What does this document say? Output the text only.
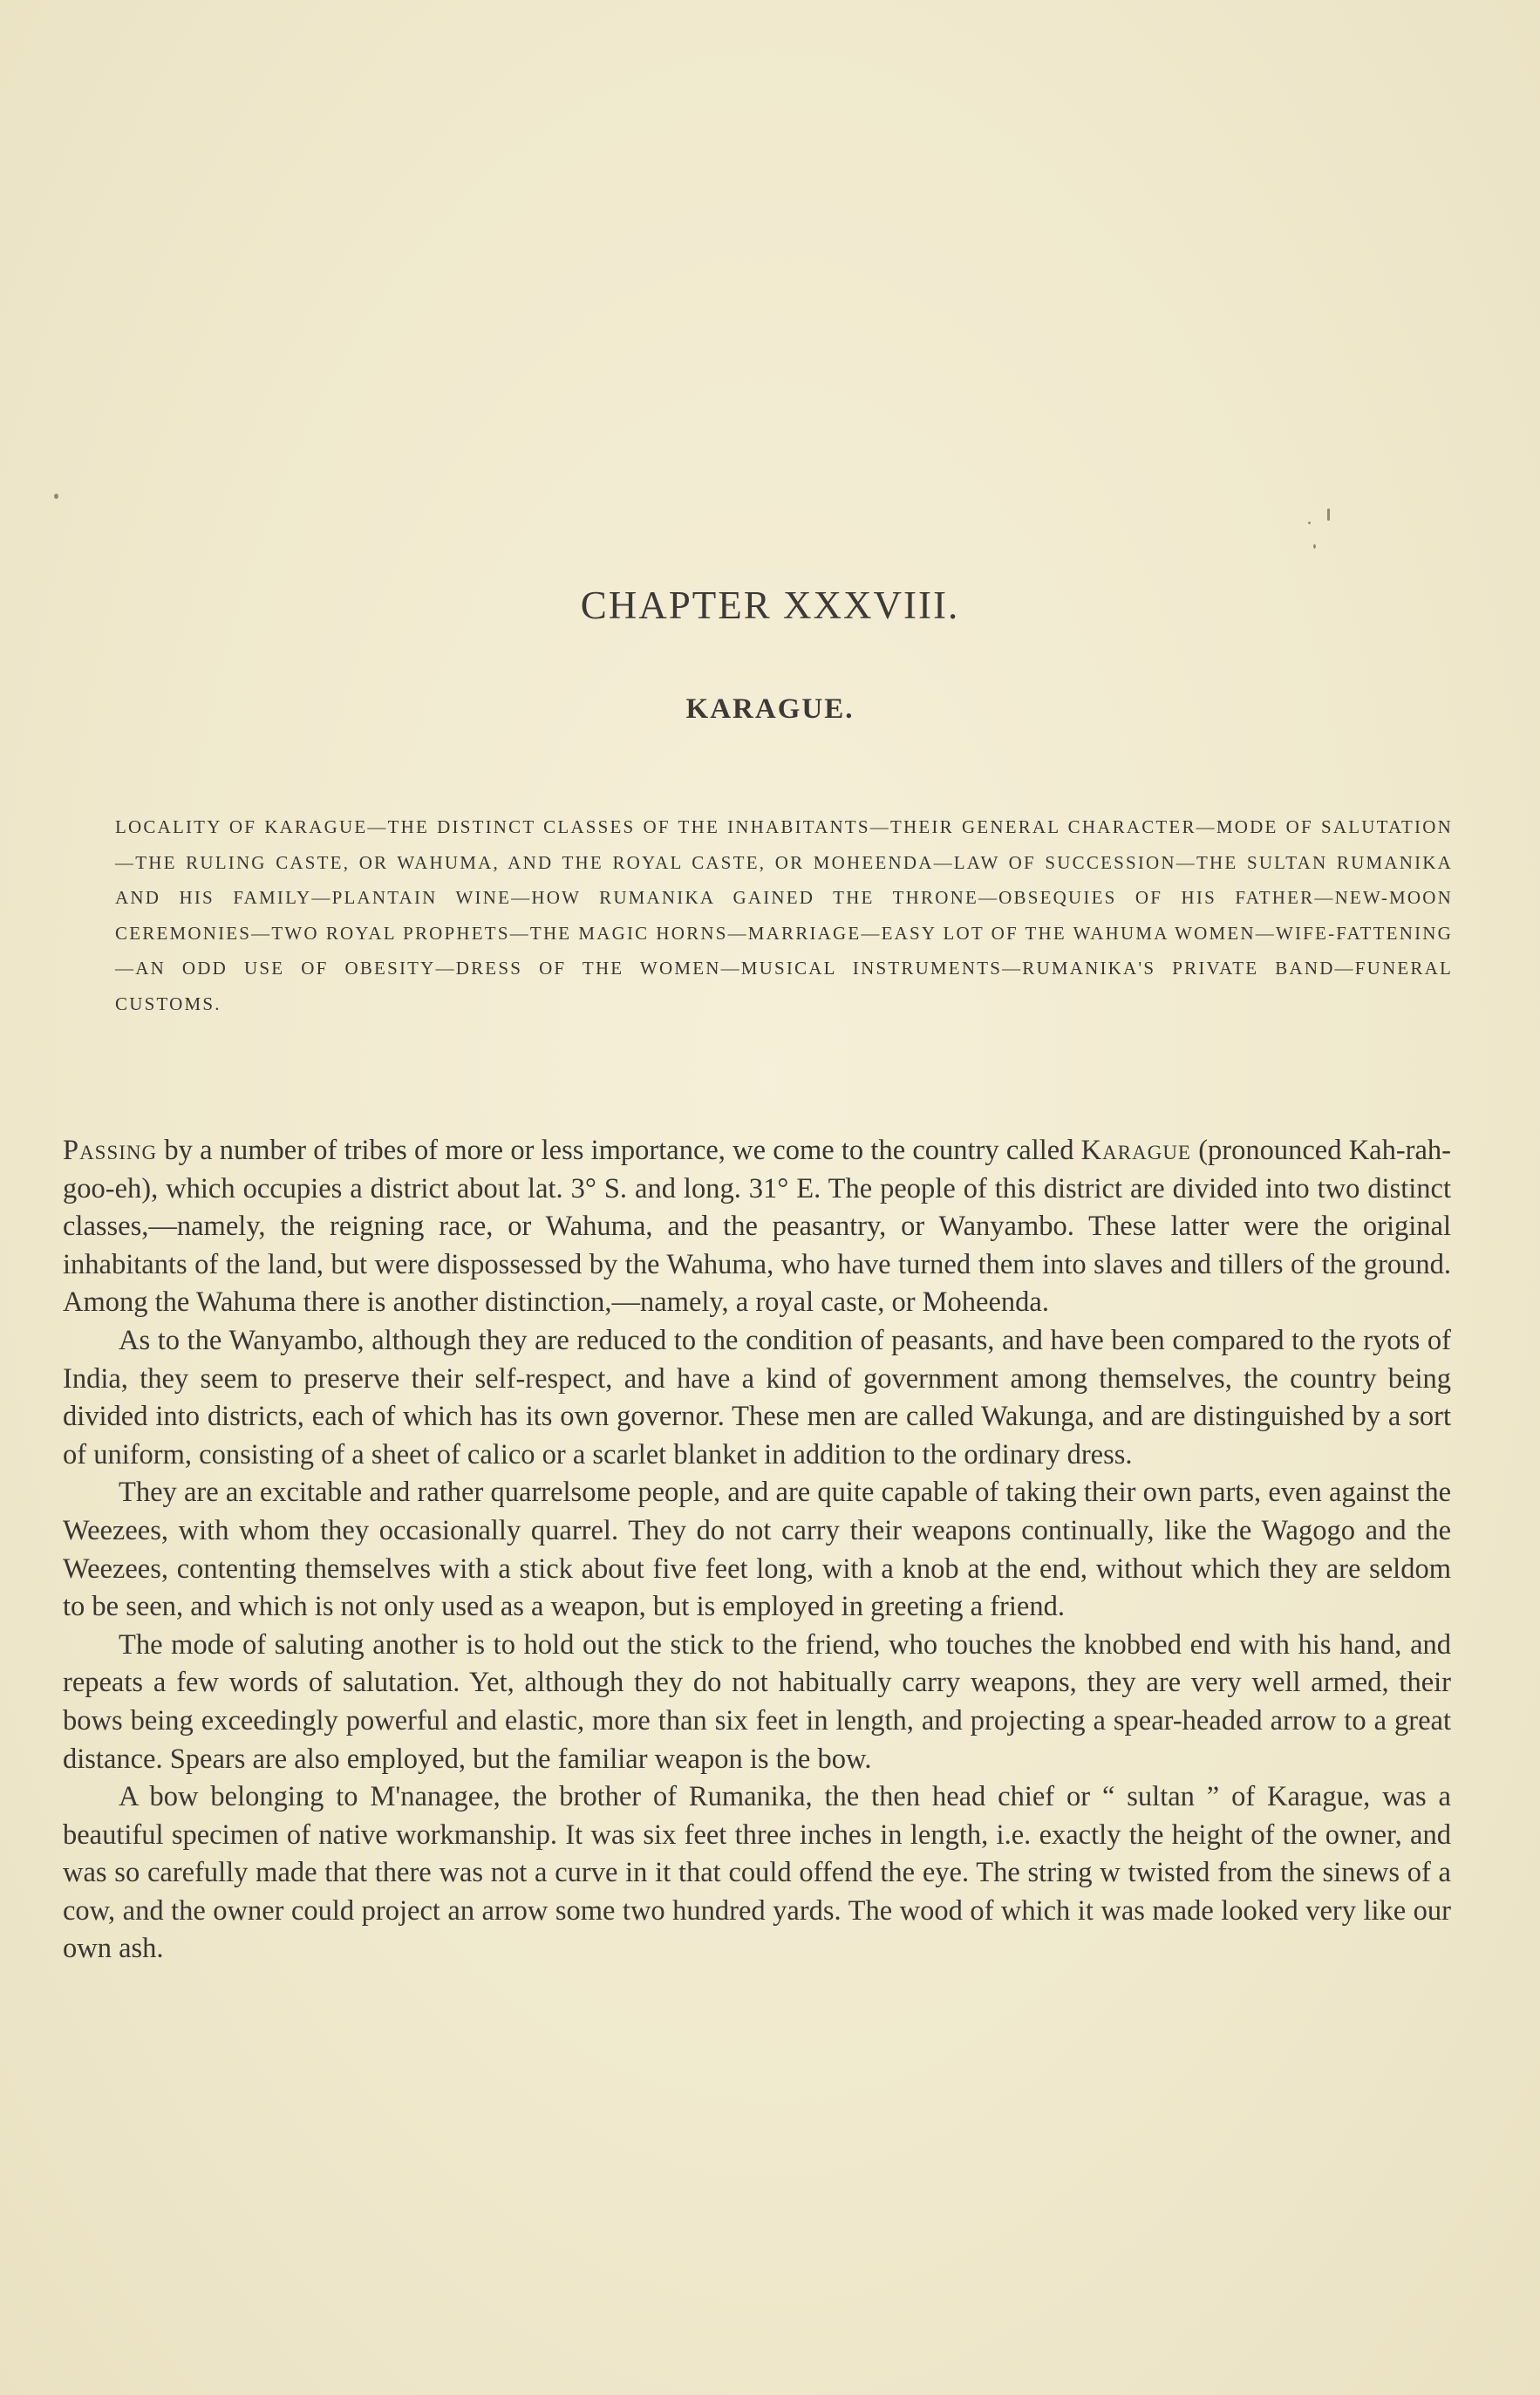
CHAPTER XXXVIII.
KARAGUE.

LOCALITY OF KARAGUE—THE DISTINCT CLASSES OF THE INHABITANTS—THEIR GENERAL CHARACTER—MODE OF SALUTATION—THE RULING CASTE, OR WAHUMA, AND THE ROYAL CASTE, OR MOHEENDA—LAW OF SUCCESSION—THE SULTAN RUMANIKA AND HIS FAMILY—PLANTAIN WINE—HOW RUMANIKA GAINED THE THRONE—OBSEQUIES OF HIS FATHER—NEW-MOON CEREMONIES—TWO ROYAL PROPHETS—THE MAGIC HORNS—MARRIAGE—EASY LOT OF THE WAHUMA WOMEN—WIFE-FATTENING—AN ODD USE OF OBESITY—DRESS OF THE WOMEN—MUSICAL INSTRUMENTS—RUMANIKA'S PRIVATE BAND—FUNERAL CUSTOMS.

Passing by a number of tribes of more or less importance, we come to the country called Karague (pronounced Kah-rah-goo-eh), which occupies a district about lat. 3° S. and long. 31° E. The people of this district are divided into two distinct classes,—namely, the reigning race, or Wahuma, and the peasantry, or Wanyambo. These latter were the original inhabitants of the land, but were dispossessed by the Wahuma, who have turned them into slaves and tillers of the ground. Among the Wahuma there is another distinction,—namely, a royal caste, or Moheenda.

As to the Wanyambo, although they are reduced to the condition of peasants, and have been compared to the ryots of India, they seem to preserve their self-respect, and have a kind of government among themselves, the country being divided into districts, each of which has its own governor. These men are called Wakunga, and are distinguished by a sort of uniform, consisting of a sheet of calico or a scarlet blanket in addition to the ordinary dress.

They are an excitable and rather quarrelsome people, and are quite capable of taking their own parts, even against the Weezees, with whom they occasionally quarrel. They do not carry their weapons continually, like the Wagogo and the Weezees, contenting themselves with a stick about five feet long, with a knob at the end, without which they are seldom to be seen, and which is not only used as a weapon, but is employed in greeting a friend.

The mode of saluting another is to hold out the stick to the friend, who touches the knobbed end with his hand, and repeats a few words of salutation. Yet, although they do not habitually carry weapons, they are very well armed, their bows being exceedingly powerful and elastic, more than six feet in length, and projecting a spear-headed arrow to a great distance. Spears are also employed, but the familiar weapon is the bow.

A bow belonging to M'nanagee, the brother of Rumanika, the then head chief or “ sultan ” of Karague, was a beautiful specimen of native workmanship. It was six feet three inches in length, i.e. exactly the height of the owner, and was so carefully made that there was not a curve in it that could offend the eye. The string w twisted from the sinews of a cow, and the owner could project an arrow some two hundred yards. The wood of which it was made looked very like our own ash.
